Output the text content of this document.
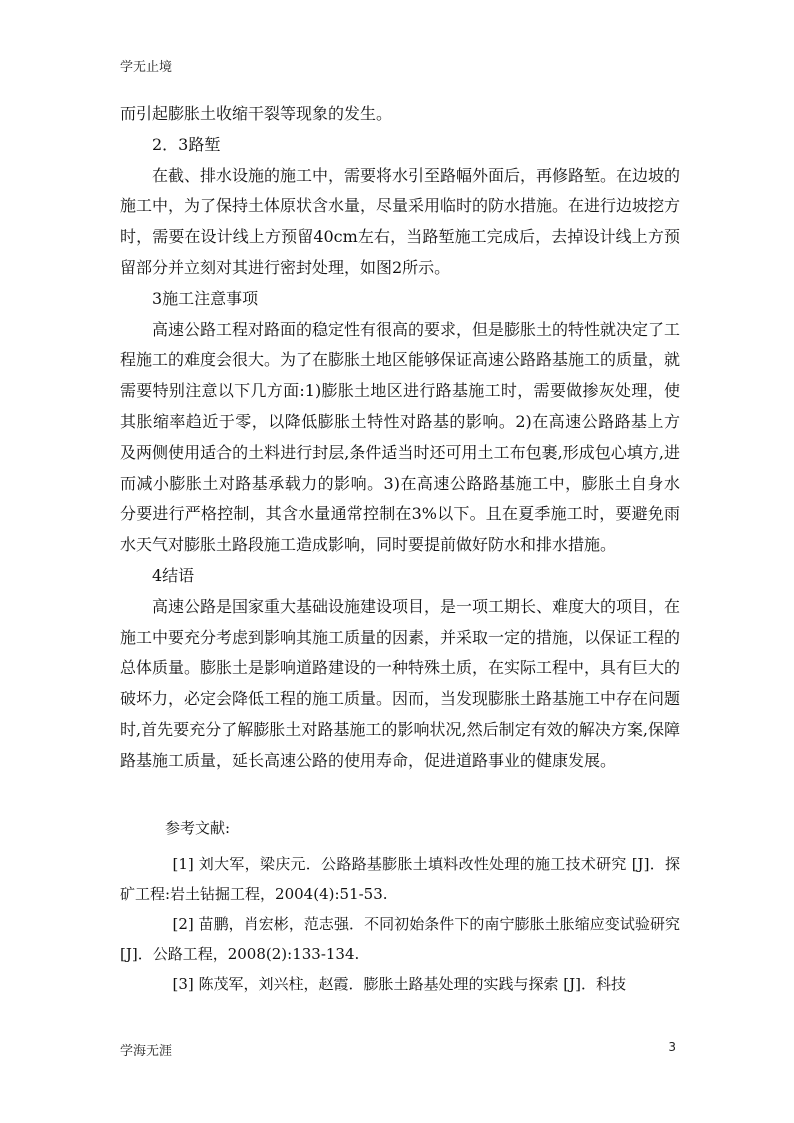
学无止境

而引起膨胀土收缩干裂等现象的发生。

2．3路堑

在截、排水设施的施工中，需要将水引至路幅外面后，再修路堑。在边坡的施工中，为了保持土体原状含水量，尽量采用临时的防水措施。在进行边坡挖方时，需要在设计线上方预留40cm左右，当路堑施工完成后，去掉设计线上方预留部分并立刻对其进行密封处理，如图2所示。

3施工注意事项

高速公路工程对路面的稳定性有很高的要求，但是膨胀土的特性就决定了工程施工的难度会很大。为了在膨胀土地区能够保证高速公路路基施工的质量，就需要特别注意以下几方面:1)膨胀土地区进行路基施工时，需要做掺灰处理，使其胀缩率趋近于零，以降低膨胀土特性对路基的影响。2)在高速公路路基上方及两侧使用适合的土料进行封层,条件适当时还可用土工布包裹,形成包心填方,进而减小膨胀土对路基承载力的影响。3)在高速公路路基施工中，膨胀土自身水分要进行严格控制，其含水量通常控制在3%以下。且在夏季施工时，要避免雨水天气对膨胀土路段施工造成影响，同时要提前做好防水和排水措施。

4结语

高速公路是国家重大基础设施建设项目，是一项工期长、难度大的项目，在施工中要充分考虑到影响其施工质量的因素，并采取一定的措施，以保证工程的总体质量。膨胀土是影响道路建设的一种特殊土质，在实际工程中，具有巨大的破坏力，必定会降低工程的施工质量。因而，当发现膨胀土路基施工中存在问题时,首先要充分了解膨胀土对路基施工的影响状况,然后制定有效的解决方案,保障路基施工质量，延长高速公路的使用寿命，促进道路事业的健康发展。

参考文献:

[1] 刘大军，梁庆元．公路路基膨胀土填料改性处理的施工技术研究 [J]．探矿工程:岩土钻掘工程，2004(4):51-53.

[2] 苗鹏，肖宏彬，范志强．不同初始条件下的南宁膨胀土胀缩应变试验研究 [J]．公路工程，2008(2):133-134.

[3] 陈茂军，刘兴柱，赵霞．膨胀土路基处理的实践与探索 [J]．科技

学海无涯	3
